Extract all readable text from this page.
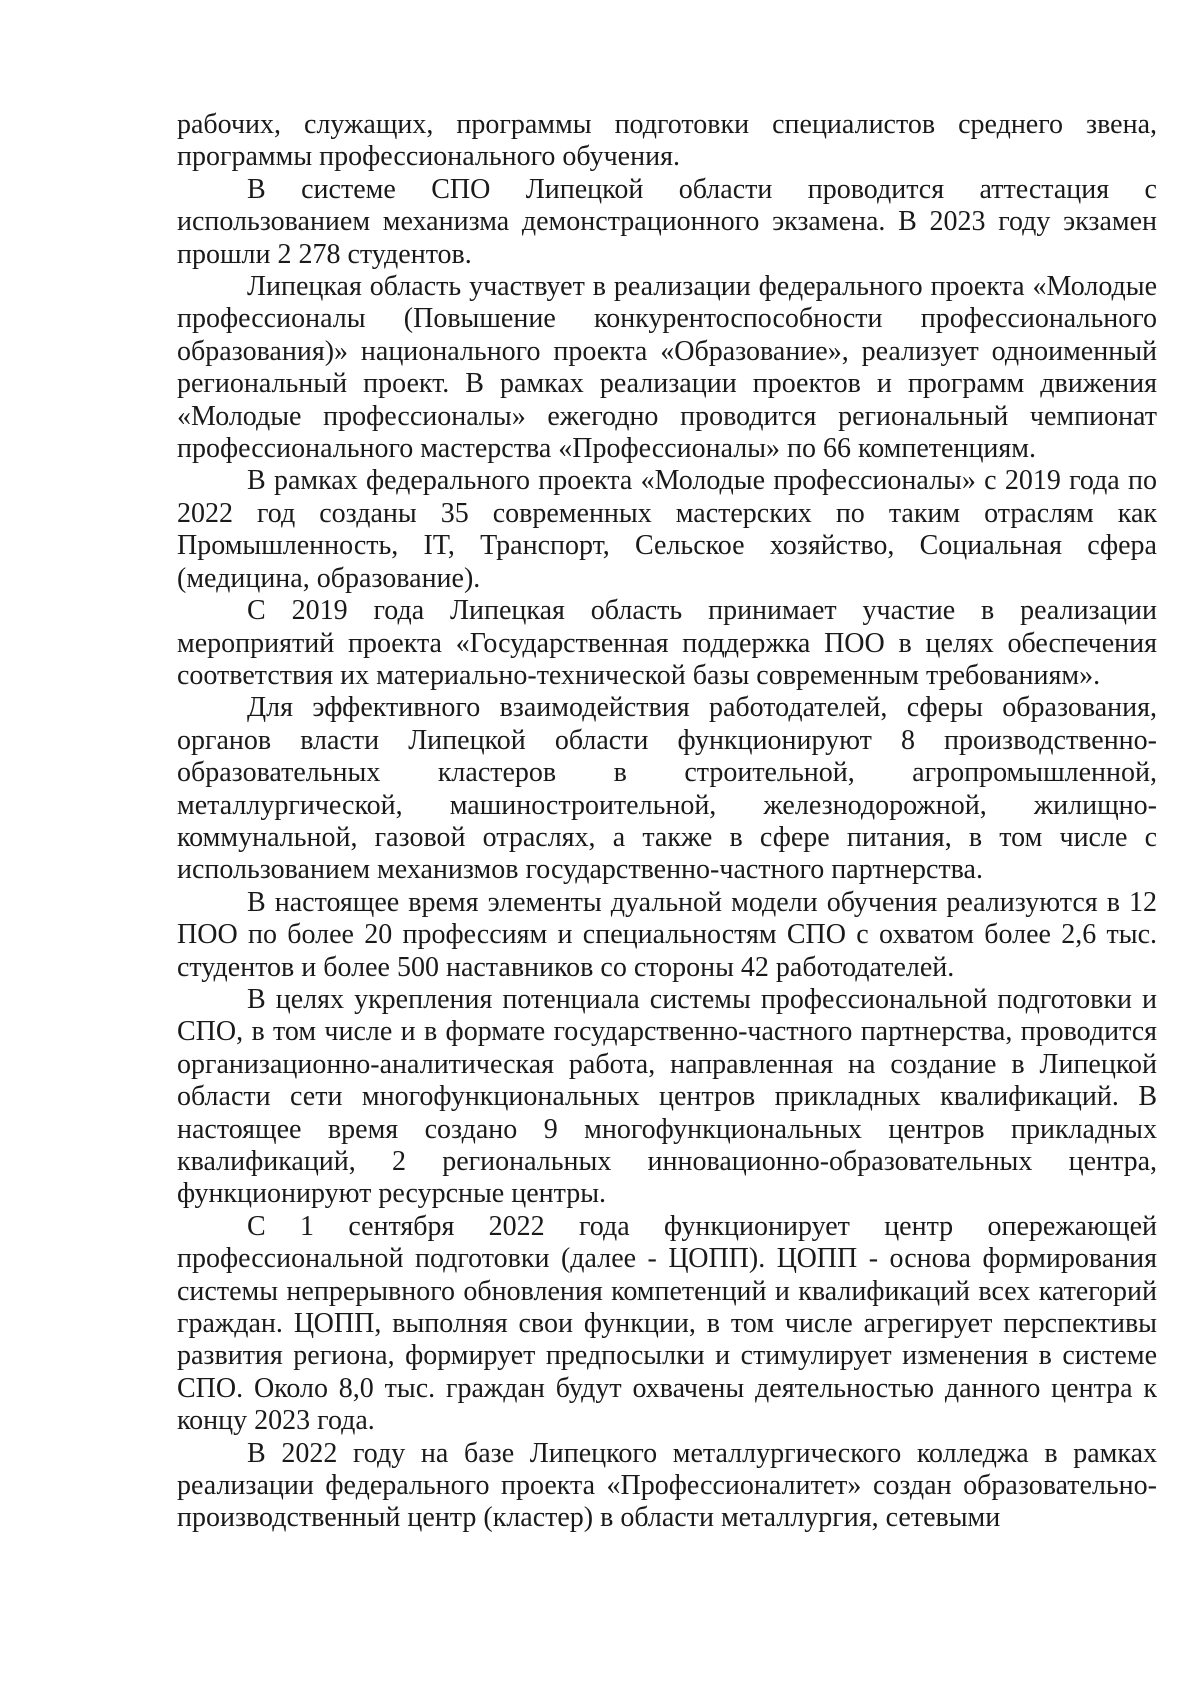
рабочих, служащих, программы подготовки специалистов среднего звена, программы профессионального обучения.

В системе СПО Липецкой области проводится аттестация с использованием механизма демонстрационного экзамена. В 2023 году экзамен прошли 2 278 студентов.

Липецкая область участвует в реализации федерального проекта «Молодые профессионалы (Повышение конкурентоспособности профессионального образования)» национального проекта «Образование», реализует одноименный региональный проект. В рамках реализации проектов и программ движения «Молодые профессионалы» ежегодно проводится региональный чемпионат профессионального мастерства «Профессионалы» по 66 компетенциям.

В рамках федерального проекта «Молодые профессионалы» с 2019 года по 2022 год созданы 35 современных мастерских по таким отраслям как Промышленность, IT, Транспорт, Сельское хозяйство, Социальная сфера (медицина, образование).

С 2019 года Липецкая область принимает участие в реализации мероприятий проекта «Государственная поддержка ПОО в целях обеспечения соответствия их материально-технической базы современным требованиям».

Для эффективного взаимодействия работодателей, сферы образования, органов власти Липецкой области функционируют 8 производственно-образовательных кластеров в строительной, агропромышленной, металлургической, машиностроительной, железнодорожной, жилищно-коммунальной, газовой отраслях, а также в сфере питания, в том числе с использованием механизмов государственно-частного партнерства.

В настоящее время элементы дуальной модели обучения реализуются в 12 ПОО по более 20 профессиям и специальностям СПО с охватом более 2,6 тыс. студентов и более 500 наставников со стороны 42 работодателей.

В целях укрепления потенциала системы профессиональной подготовки и СПО, в том числе и в формате государственно-частного партнерства, проводится организационно-аналитическая работа, направленная на создание в Липецкой области сети многофункциональных центров прикладных квалификаций. В настоящее время создано 9 многофункциональных центров прикладных квалификаций, 2 региональных инновационно-образовательных центра, функционируют ресурсные центры.

С 1 сентября 2022 года функционирует центр опережающей профессиональной подготовки (далее - ЦОПП). ЦОПП - основа формирования системы непрерывного обновления компетенций и квалификаций всех категорий граждан. ЦОПП, выполняя свои функции, в том числе агрегирует перспективы развития региона, формирует предпосылки и стимулирует изменения в системе СПО. Около 8,0 тыс. граждан будут охвачены деятельностью данного центра к концу 2023 года.

В 2022 году на базе Липецкого металлургического колледжа в рамках реализации федерального проекта «Профессионалитет» создан образовательно-производственный центр (кластер) в области металлургия, сетевыми
